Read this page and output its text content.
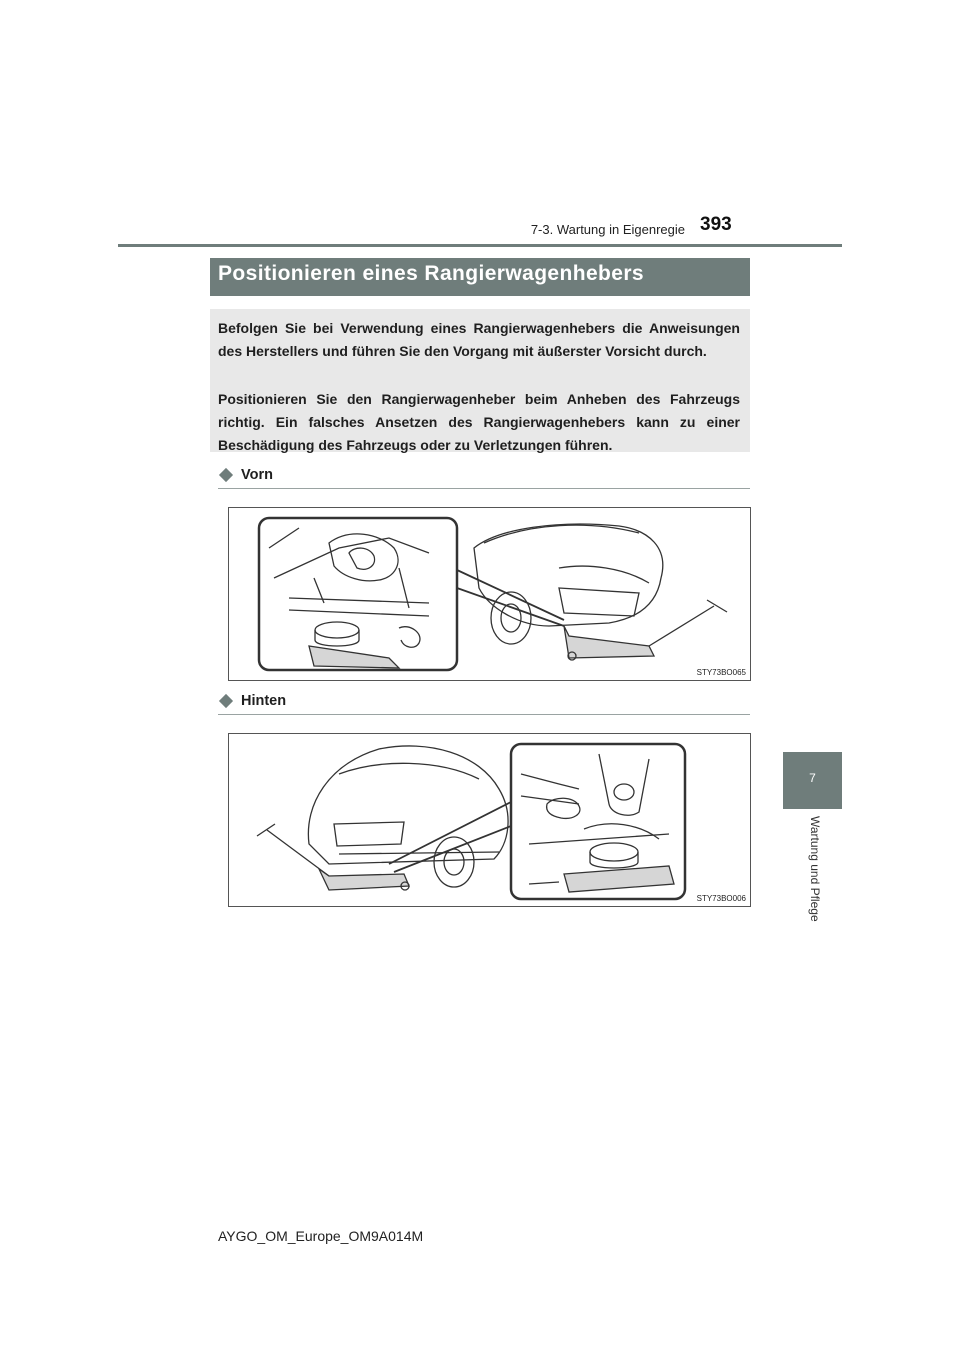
7-3. Wartung in Eigenregie 393
7
Wartung und Pflege
Positionieren eines Rangierwagenhebers

Befolgen Sie bei Verwendung eines Rangierwagenhebers die Anweisungen des Herstellers und führen Sie den Vorgang mit äußerster Vorsicht durch.

Positionieren Sie den Rangierwagenheber beim Anheben des Fahrzeugs richtig. Ein falsches Ansetzen des Rangierwagenhebers kann zu einer Beschädigung des Fahrzeugs oder zu Verletzungen führen.

Vorn
STY73BO065
Hinten
STY73BO006
AYGO_OM_Europe_OM9A014M
